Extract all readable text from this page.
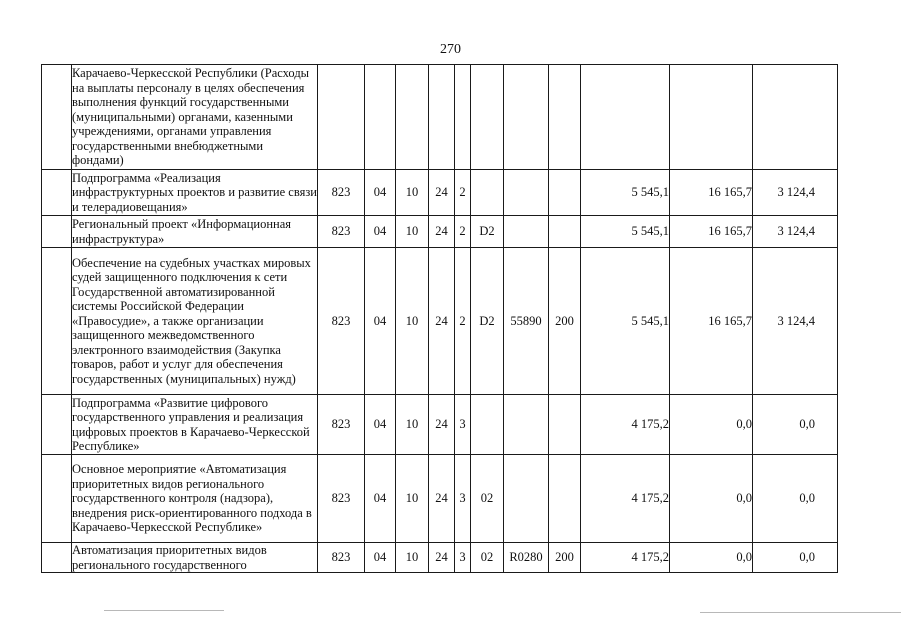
270
	Карачаево-Черкесской Республики (Расходы на выплаты персоналу в целях обеспечения выполнения функций государственными (муниципальными) органами, казенными учреждениями, органами управления государственными внебюджетными фондами)											
	Подпрограмма «Реализация инфраструктурных проектов и развитие связи и телерадиовещания»	823	04	10	24	2				5 545,1	16 165,7	3 124,4
	Региональный проект «Информационная инфраструктура»	823	04	10	24	2	D2			5 545,1	16 165,7	3 124,4
	Обеспечение на судебных участках мировых судей защищенного подключения к сети Государственной автоматизированной системы Российской Федерации «Правосудие», а также организации защищенного межведомственного электронного взаимодействия (Закупка товаров, работ и услуг для обеспечения государственных (муниципальных) нужд)	823	04	10	24	2	D2	55890	200	5 545,1	16 165,7	3 124,4
	Подпрограмма «Развитие цифрового государственного управления и реализация цифровых проектов в Карачаево-Черкесской Республике»	823	04	10	24	3				4 175,2	0,0	0,0
	Основное мероприятие «Автоматизация приоритетных видов регионального государственного контроля (надзора), внедрения риск-ориентированного подхода в Карачаево-Черкесской Республике»	823	04	10	24	3	02			4 175,2	0,0	0,0
	Автоматизация приоритетных видов регионального государственного	823	04	10	24	3	02	R0280	200	4 175,2	0,0	0,0
